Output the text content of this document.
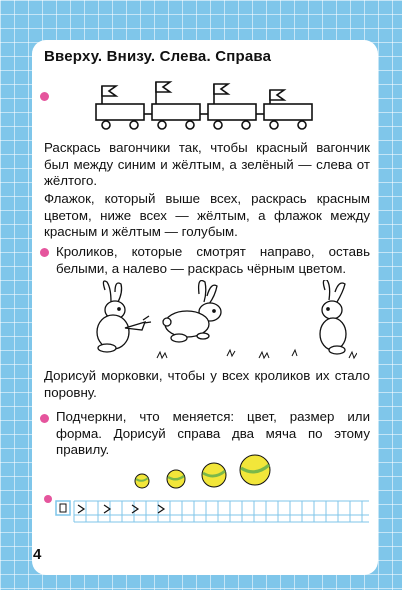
Вверху. Внизу. Слева. Справа

Раскрась вагончики так, чтобы красный вагончик был между синим и жёлтым, а зелёный — слева от жёлтого.

Флажок, который выше всех, раскрась красным цветом, ниже всех — жёлтым, а флажок между красным и жёлтым — голубым.

Кроликов, которые смотрят направо, оставь белыми, а налево — раскрась чёрным цветом.

Дорисуй морковки, чтобы у всех кроликов их стало поровну.

Подчеркни, что меняется: цвет, размер или форма. Дорисуй справа два мяча по этому правилу.

4
